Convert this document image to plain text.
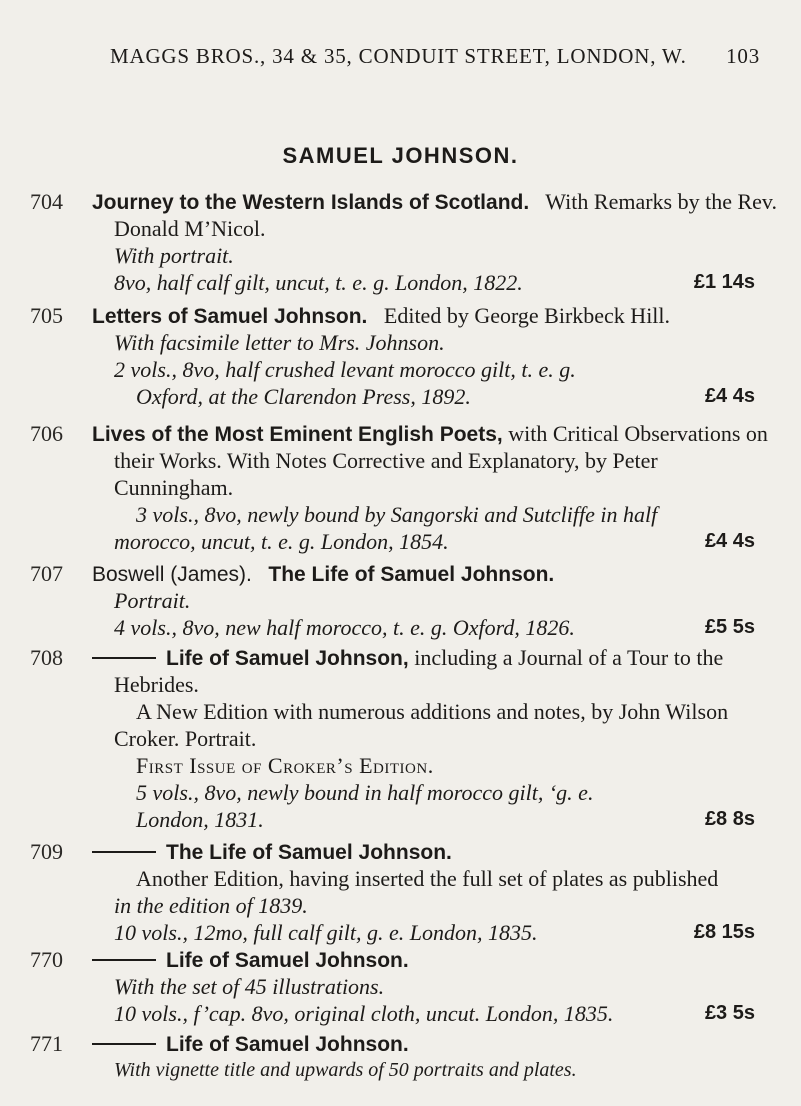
MAGGS BROS., 34 & 35, CONDUIT STREET, LONDON, W. 103
SAMUEL JOHNSON.
704	Journey to the Western Islands of Scotland. With Remarks by the Rev.
Donald M’Nicol.
With portrait.
8vo, half calf gilt, uncut, t. e. g. London, 1822.	£1 14s
705	Letters of Samuel Johnson. Edited by George Birkbeck Hill.
With facsimile letter to Mrs. Johnson.
2 vols., 8vo, half crushed levant morocco gilt, t. e. g.
Oxford, at the Clarendon Press, 1892.	£4 4s
706	Lives of the Most Eminent English Poets, with Critical Observations on
their Works. With Notes Corrective and Explanatory, by Peter
Cunningham.
3 vols., 8vo, newly bound by Sangorski and Sutcliffe in half
morocco, uncut, t. e. g. London, 1854.	£4 4s
707	Boswell (James). The Life of Samuel Johnson.
Portrait.
4 vols., 8vo, new half morocco, t. e. g. Oxford, 1826.	£5 5s
708	Life of Samuel Johnson, including a Journal of a Tour to the
Hebrides.
A New Edition with numerous additions and notes, by John Wilson
Croker. Portrait.
First Issue of Croker’s Edition.
5 vols., 8vo, newly bound in half morocco gilt, ‘g. e.
London, 1831.	£8 8s
709	The Life of Samuel Johnson.
Another Edition, having inserted the full set of plates as published
in the edition of 1839.
10 vols., 12mo, full calf gilt, g. e. London, 1835.	£8 15s
770	Life of Samuel Johnson.
With the set of 45 illustrations.
10 vols., f’cap. 8vo, original cloth, uncut. London, 1835.	£3 5s
771	Life of Samuel Johnson.
With vignette title and upwards of 50 portraits and plates.
